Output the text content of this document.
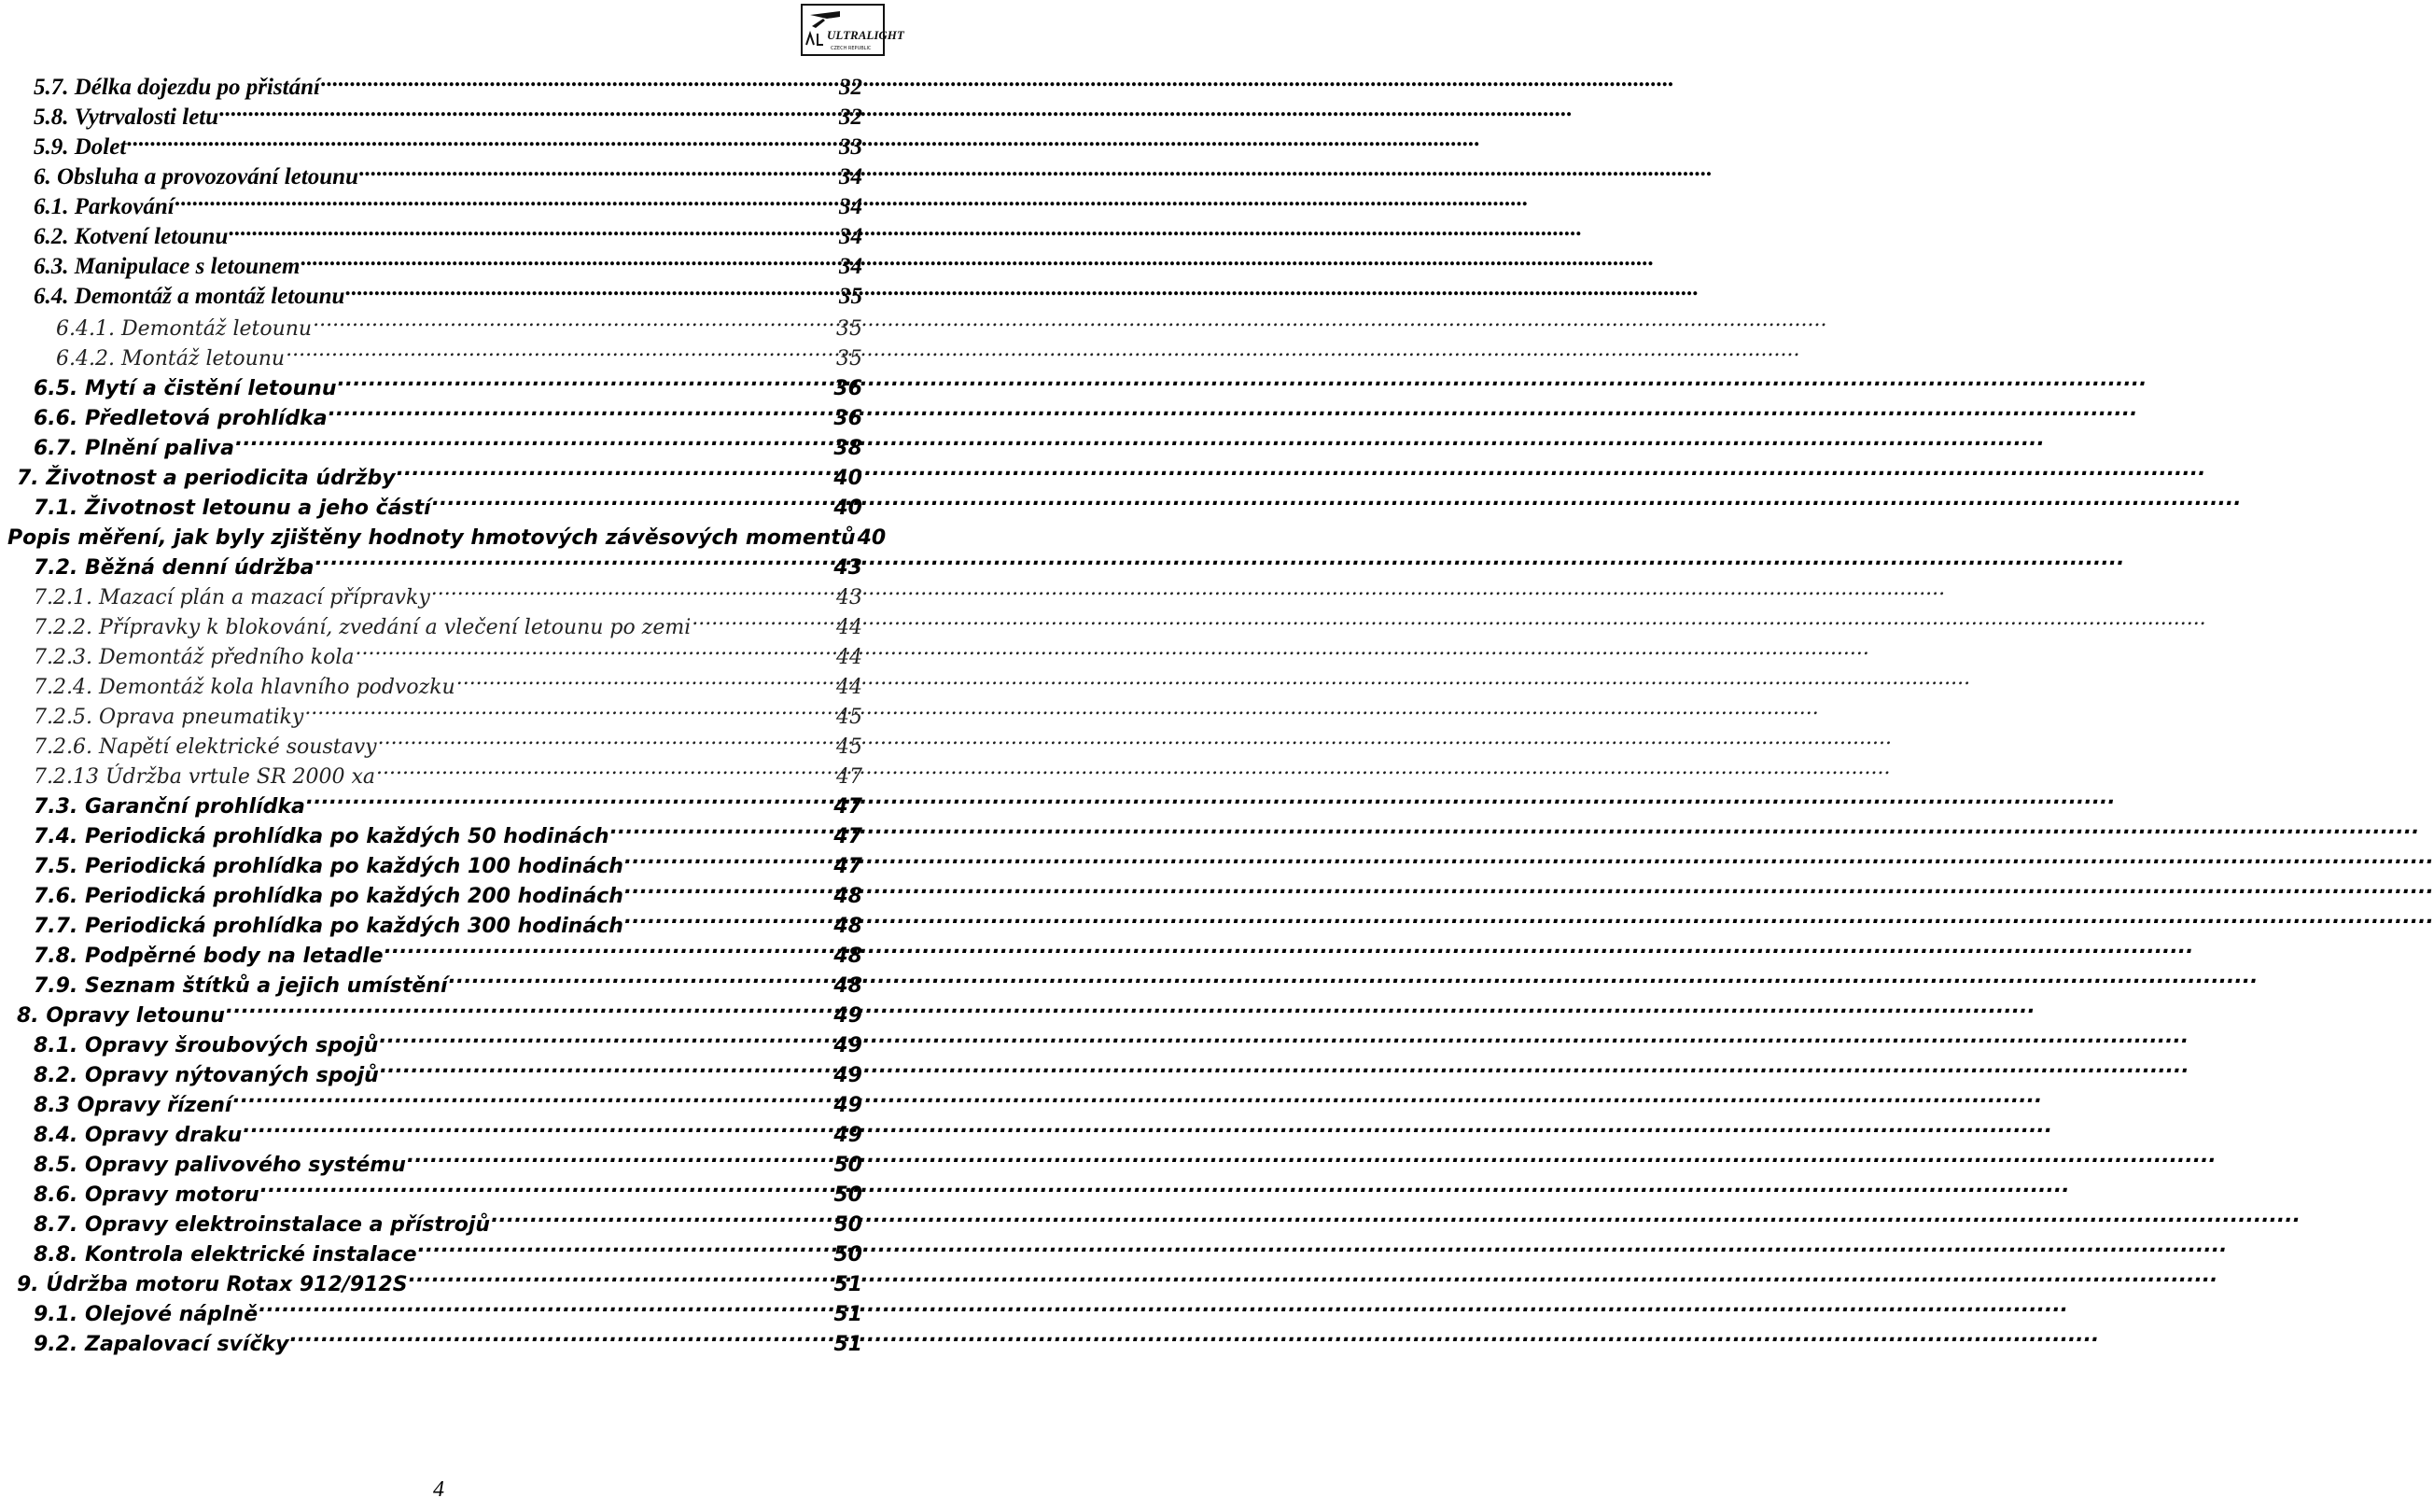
ULTRALIGHT
CZECH REPUBLIC
5.7. Délka dojezdu po přistání .....	32
5.8. Vytrvalosti letu .....	32
5.9. Dolet .....	33
6. Obsluha a provozování letounu .....	34
6.1. Parkování .....	34
6.2. Kotvení letounu .....	34
6.3. Manipulace s letounem .....	34
6.4. Demontáž a montáž letounu .....	35
6.4.1. Demontáž letounu .....	35
6.4.2. Montáž letounu .....	35
6.5. Mytí a čistění letounu .....	36
6.6. Předletová prohlídka .....	36
6.7. Plnění paliva .....	38
7. Životnost a periodicita údržby .....	40
7.1. Životnost letounu a jeho částí .....	40
Popis měření, jak byly zjištěny hodnoty hmotových závěsových momentů 40
7.2. Běžná denní údržba .....	43
7.2.1. Mazací plán a mazací přípravky .....	43
7.2.2. Přípravky k blokování, zvedání a vlečení letounu po zemi .....	44
7.2.3. Demontáž předního kola .....	44
7.2.4. Demontáž kola hlavního podvozku .....	44
7.2.5. Oprava pneumatiky .....	45
7.2.6. Napětí elektrické soustavy .....	45
7.2.13 Údržba vrtule SR 2000 xa .....	47
7.3. Garanční prohlídka .....	47
7.4. Periodická prohlídka po každých 50 hodinách .....	47
7.5. Periodická prohlídka po každých 100 hodinách .....	47
7.6. Periodická prohlídka po každých 200 hodinách .....	48
7.7. Periodická prohlídka po každých 300 hodinách .....	48
7.8. Podpěrné body na letadle .....	48
7.9. Seznam štítků a jejich umístění .....	48
8. Opravy letounu .....	49
8.1. Opravy šroubových spojů .....	49
8.2. Opravy nýtovaných spojů .....	49
8.3 Opravy řízení .....	49
8.4. Opravy draku .....	49
8.5. Opravy palivového systému .....	50
8.6. Opravy motoru .....	50
8.7. Opravy elektroinstalace a přístrojů .....	50
8.8. Kontrola elektrické instalace .....	50
9. Údržba motoru Rotax 912/912S .....	51
9.1. Olejové náplně .....	51
9.2. Zapalovací svíčky .....	51
4
